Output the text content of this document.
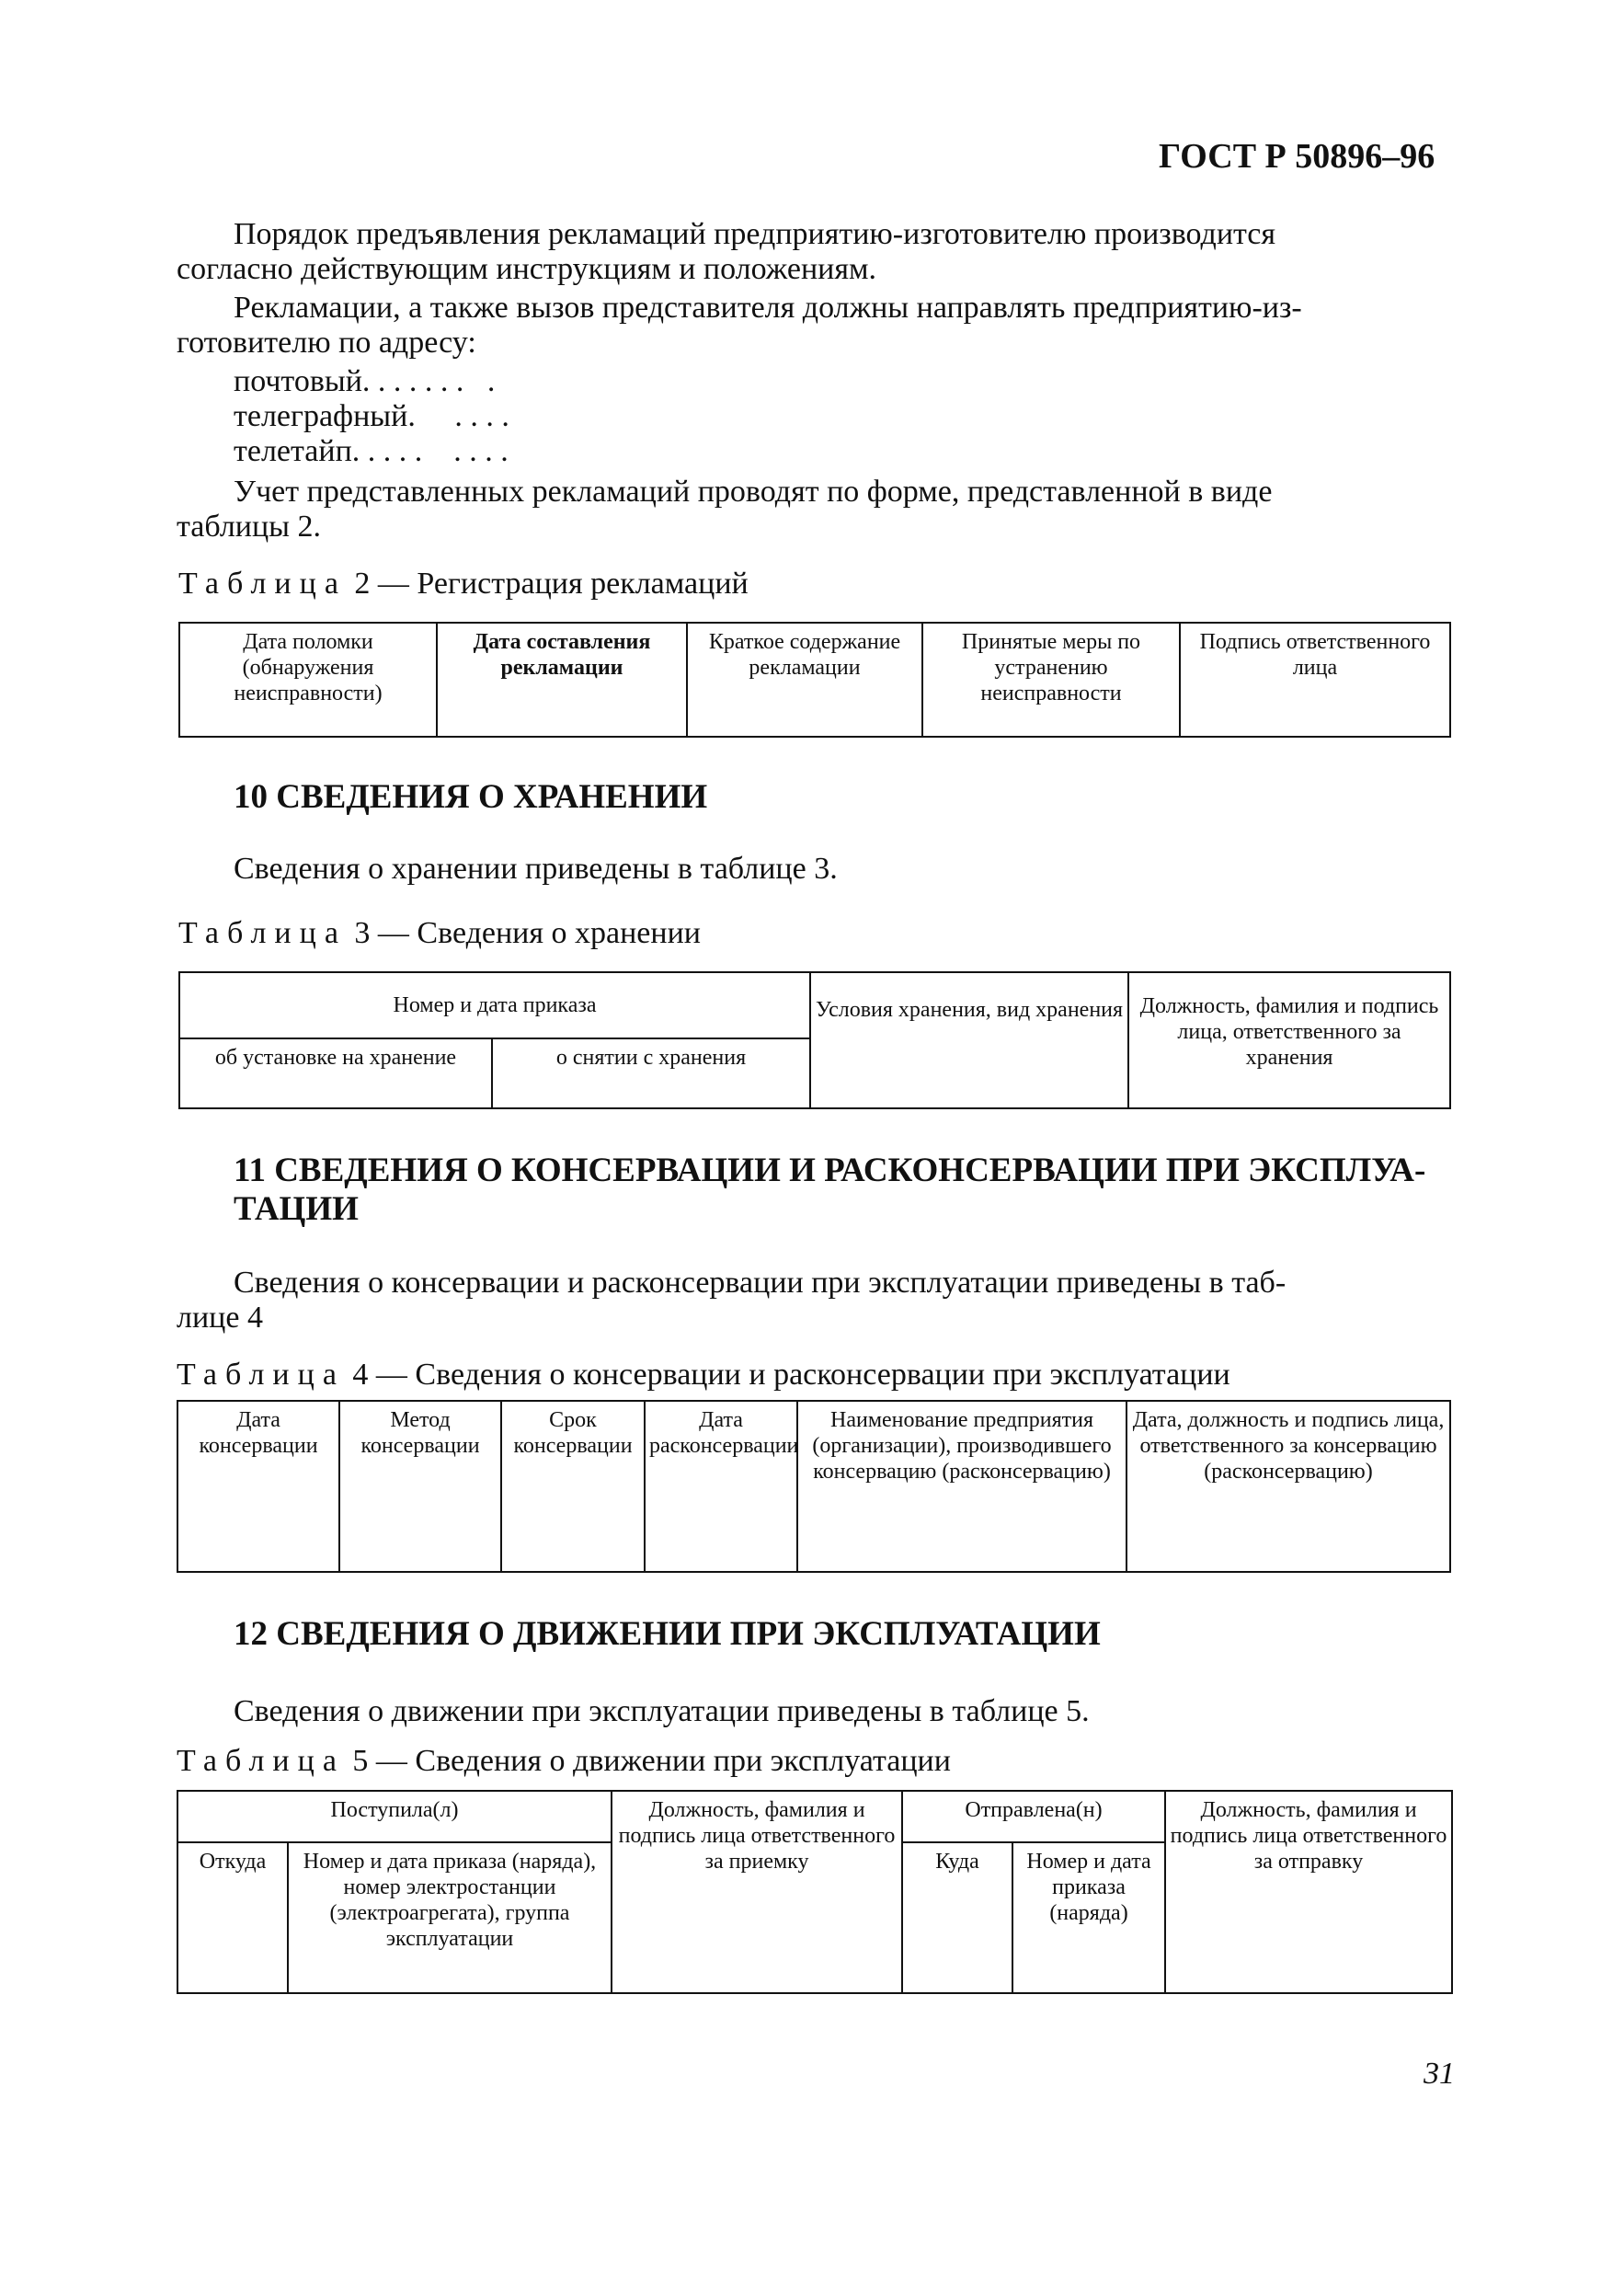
ГОСТ Р 50896–96
Порядок предъявления рекламаций предприятию-изготовителю производится
согласно действующим инструкциям и положениям.
Рекламации, а также вызов представителя должны направлять предприятию-из-
готовителю по адресу:
почтовый. . . . . . .   .
телеграфный.     . . . .
телетайп. . . . .    . . . .
Учет представленных рекламаций проводят по форме, представленной в виде
таблицы 2.
Таблица 2 — Регистрация рекламаций
Дата поломки (обнаружения неисправности)	Дата составления рекламации	Краткое содержание рекламации	Принятые меры по устранению неисправности	Подпись ответственного лица
10 СВЕДЕНИЯ О ХРАНЕНИИ
Сведения о хранении приведены в таблице 3.
Таблица 3 — Сведения о хранении
Номер и дата приказа		Условия хранения, вид хранения	Должность, фамилия и подпись лица, ответственного за хранения
об установке на хранение	о снятии с хранения		
11 СВЕДЕНИЯ О КОНСЕРВАЦИИ И РАСКОНСЕРВАЦИИ ПРИ ЭКСПЛУА-
ТАЦИИ
Сведения о консервации и расконсервации при эксплуатации приведены в таб-
лице 4
Таблица 4 — Сведения о консервации и расконсервации при эксплуатации
Дата консервации	Метод консервации	Срок консервации	Дата расконсервации	Наименование предприятия (организации), производившего консервацию (расконсервацию)	Дата, должность и подпись лица, ответственного за консервацию (расконсервацию)
12 СВЕДЕНИЯ О ДВИЖЕНИИ ПРИ ЭКСПЛУАТАЦИИ
Сведения о движении при эксплуатации приведены в таблице 5.
Таблица 5 — Сведения о движении при эксплуатации
Поступила(л)		Должность, фамилия и подпись лица ответственного за приемку	Отправлена(н)		Должность, фамилия и подпись лица ответственного за отправку
Откуда	Номер и дата приказа (наряда), номер электростанции (электроагрегата), группа эксплуатации		Куда	Номер и дата приказа (наряда)	
31
